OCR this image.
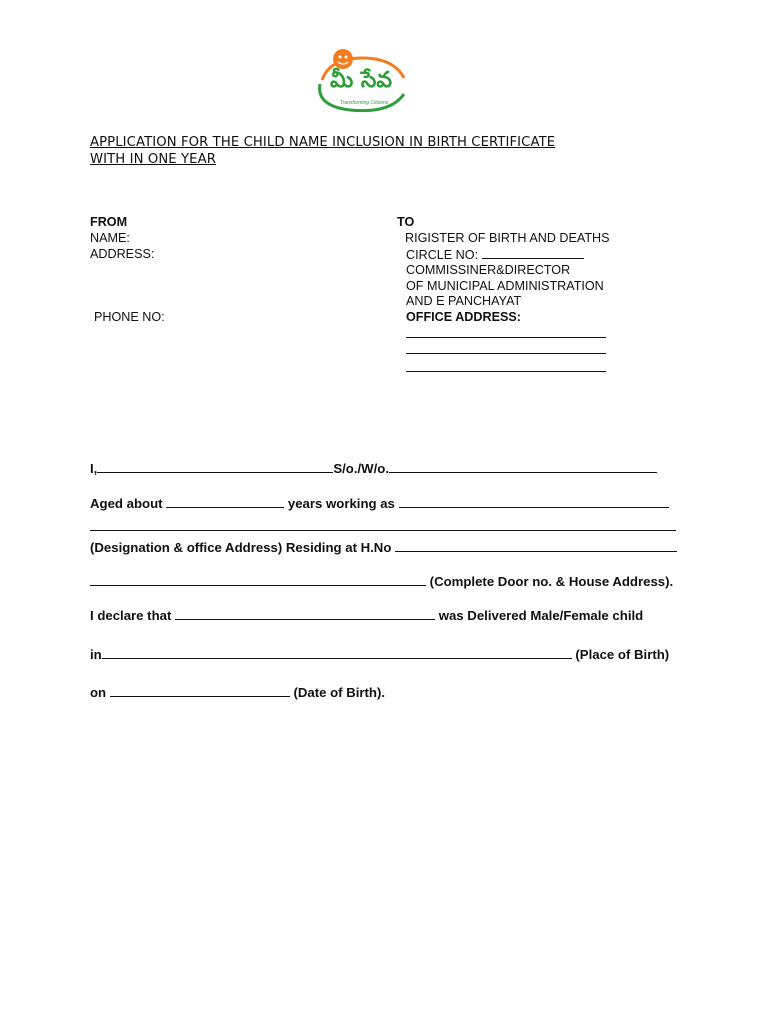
మీ సేవ
Transforming Citizens
APPLICATION FOR THE CHILD NAME INCLUSION IN BIRTH CERTIFICATE
WITH IN ONE YEAR
FROM
NAME:
ADDRESS:
PHONE NO:
TO
RIGISTER OF BIRTH AND DEATHS
CIRCLE NO:
COMMISSINER&DIRECTOR
OF MUNICIPAL ADMINISTRATION
AND E PANCHAYAT
OFFICE ADDRESS:
I,	S/o./W/o.
Aged about	years working as
(Designation & office Address) Residing at H.No
(Complete Door no. & House Address).
I declare that	was Delivered Male/Female child
in	(Place of Birth)
on	(Date of Birth).
